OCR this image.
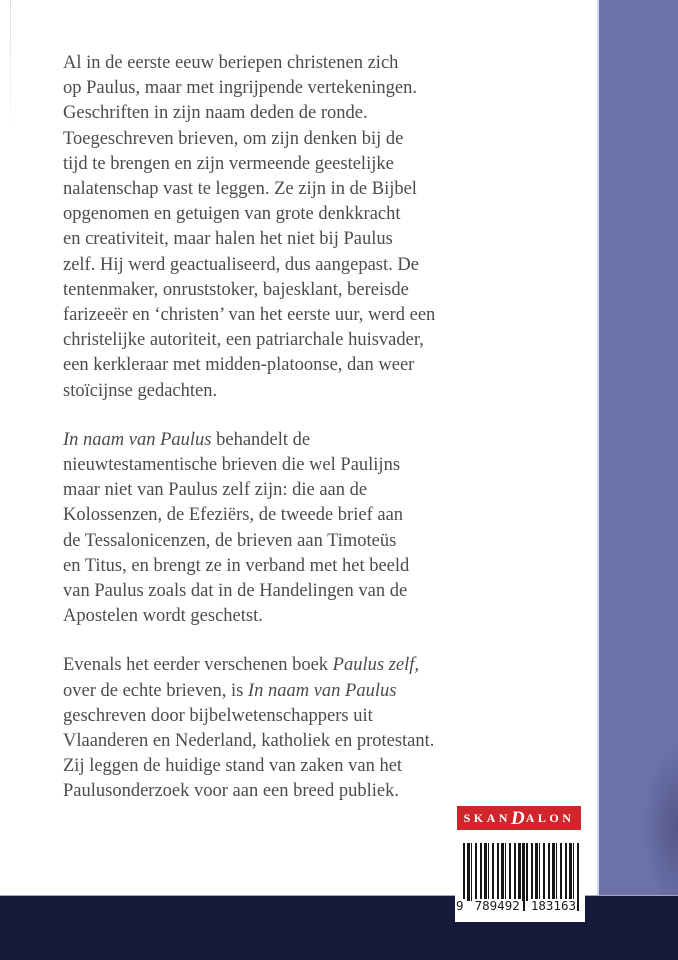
Al in de eerste eeuw beriepen christenen zich
op Paulus, maar met ingrijpende vertekeningen.
Geschriften in zijn naam deden de ronde.
Toegeschreven brieven, om zijn denken bij de
tijd te brengen en zijn vermeende geestelijke
nalatenschap vast te leggen. Ze zijn in de Bijbel
opgenomen en getuigen van grote denkkracht
en creativiteit, maar halen het niet bij Paulus
zelf. Hij werd geactualiseerd, dus aangepast. De
tentenmaker, onruststoker, bajesklant, bereisde
farizeeër en ‘christen’ van het eerste uur, werd een
christelijke autoriteit, een patriarchale huisvader,
een kerkleraar met midden-platoonse, dan weer
stoïcijnse gedachten.
In naam van Paulus behandelt de
nieuwtestamentische brieven die wel Paulijns
maar niet van Paulus zelf zijn: die aan de
Kolossenzen, de Efeziërs, de tweede brief aan
de Tessalonicenzen, de brieven aan Timoteüs
en Titus, en brengt ze in verband met het beeld
van Paulus zoals dat in de Handelingen van de
Apostelen wordt geschetst.
Evenals het eerder verschenen boek Paulus zelf,
over de echte brieven, is In naam van Paulus
geschreven door bijbelwetenschappers uit
Vlaanderen en Nederland, katholiek en protestant.
Zij leggen de huidige stand van zaken van het
Paulusonderzoek voor aan een breed publiek.
SKAN D ALON
9 789492 183163
